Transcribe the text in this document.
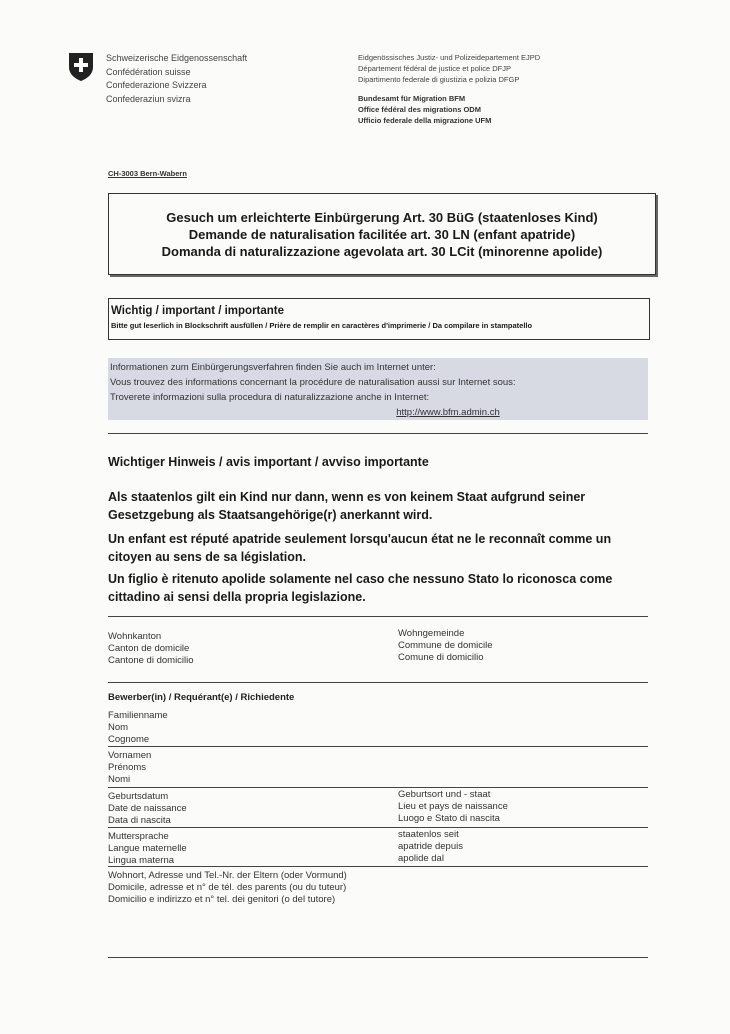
Schweizerische Eidgenossenschaft
Confédération suisse
Confederazione Svizzera
Confederaziun svizra
Eidgenössisches Justiz- und Polizeidepartement EJPD
Département fédéral de justice et police DFJP
Dipartimento federale di giustizia e polizia DFGP
Bundesamt für Migration BFM
Office fédéral des migrations ODM
Ufficio federale della migrazione UFM
CH-3003 Bern-Wabern
Gesuch um erleichterte Einbürgerung Art. 30 BüG (staatenloses Kind)
Demande de naturalisation facilitée art. 30 LN (enfant apatride)
Domanda di naturalizzazione agevolata art. 30 LCit (minorenne apolide)
Wichtig / important / importante
Bitte gut leserlich in Blockschrift ausfüllen / Prière de remplir en caractères d'imprimerie / Da compilare in stampatello
Informationen zum Einbürgerungsverfahren finden Sie auch im Internet unter:
Vous trouvez des informations concernant la procédure de naturalisation aussi sur Internet sous:
Troverete informazioni sulla procedura di naturalizzazione anche in Internet:
http://www.bfm.admin.ch
Wichtiger Hinweis / avis important / avviso importante
Als staatenlos gilt ein Kind nur dann, wenn es von keinem Staat aufgrund seiner Gesetzgebung als Staatsangehörige(r) anerkannt wird.
Un enfant est réputé apatride seulement lorsqu'aucun état ne le reconnaît comme un citoyen au sens de sa législation.
Un figlio è ritenuto apolide solamente nel caso che nessuno Stato lo riconosca come cittadino ai sensi della propria legislazione.
Wohnkanton
Canton de domicile
Cantone di domicilio
Wohngemeinde
Commune de domicile
Comune di domicilio
Bewerber(in) / Requérant(e) / Richiedente
Familienname
Nom
Cognome
Vornamen
Prénoms
Nomi
Geburtsdatum
Date de naissance
Data di nascita
Geburtsort und - staat
Lieu et pays de naissance
Luogo e Stato di nascita
Muttersprache
Langue maternelle
Lingua materna
staatenlos seit
apatride depuis
apolide dal
Wohnort, Adresse und Tel.-Nr. der Eltern (oder Vormund)
Domicile, adresse et n° de tél. des parents (ou du tuteur)
Domicilio e indirizzo et n° tel. dei genitori (o del tutore)
